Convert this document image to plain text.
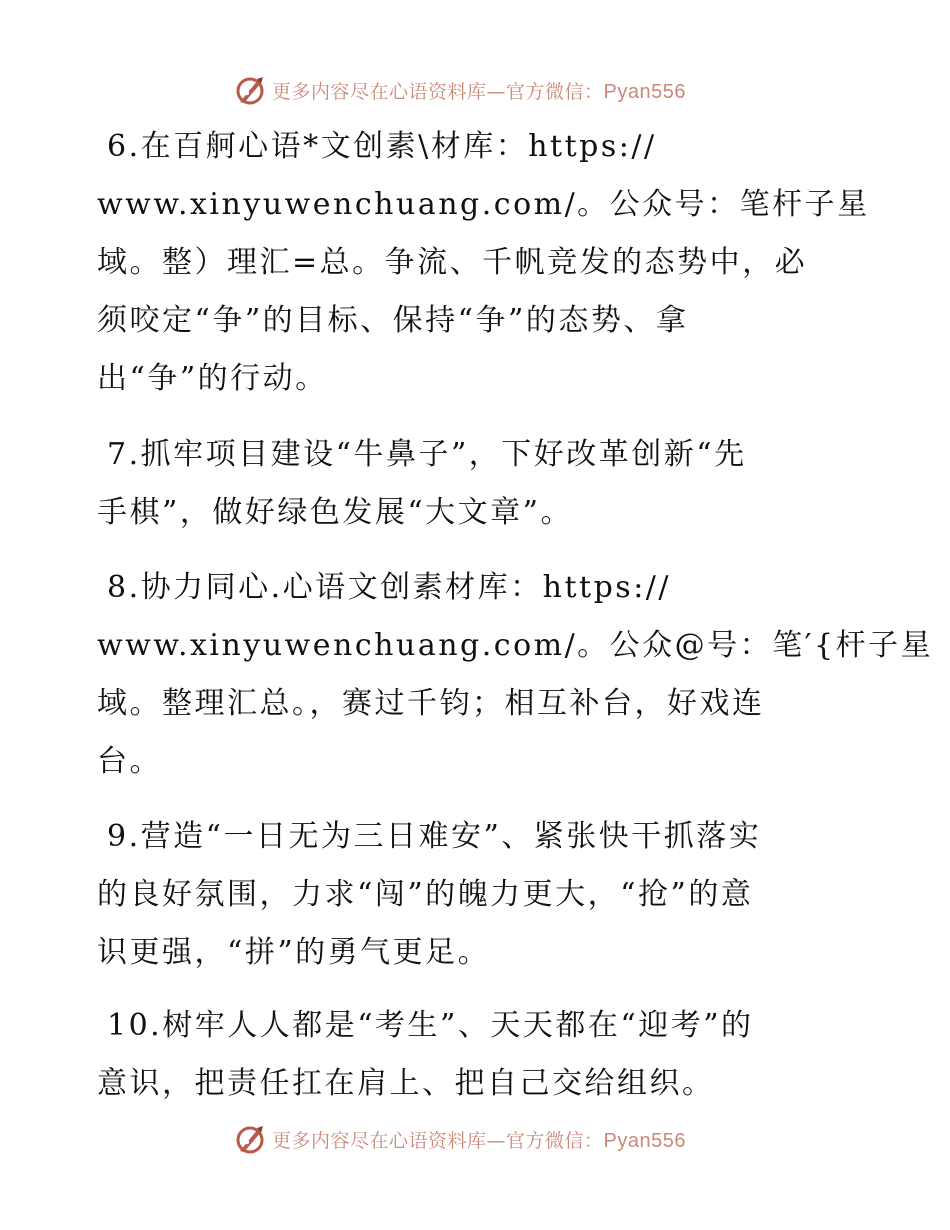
更多内容尽在心语资料库—官方微信：Pyan556
6.在百舸心语*文创素\材库：https://
www.xinyuwenchuang.com/。公众号：笔杆子星
域。整）理汇=总。争流、千帆竞发的态势中，必
须咬定“争”的目标、保持“争”的态势、拿
出“争”的行动。
7.抓牢项目建设“牛鼻子”，下好改革创新“先
手棋”，做好绿色发展“大文章”。
8.协力同心.心语文创素材库：https://
www.xinyuwenchuang.com/。公众@号：笔′{杆子星
域。整理汇总。，赛过千钧；相互补台，好戏连
台。
9.营造“一日无为三日难安”、紧张快干抓落实
的良好氛围，力求“闯”的魄力更大，“抢”的意
识更强，“拼”的勇气更足。
10.树牢人人都是“考生”、天天都在“迎考”的
意识，把责任扛在肩上、把自己交给组织。
更多内容尽在心语资料库—官方微信：Pyan556
